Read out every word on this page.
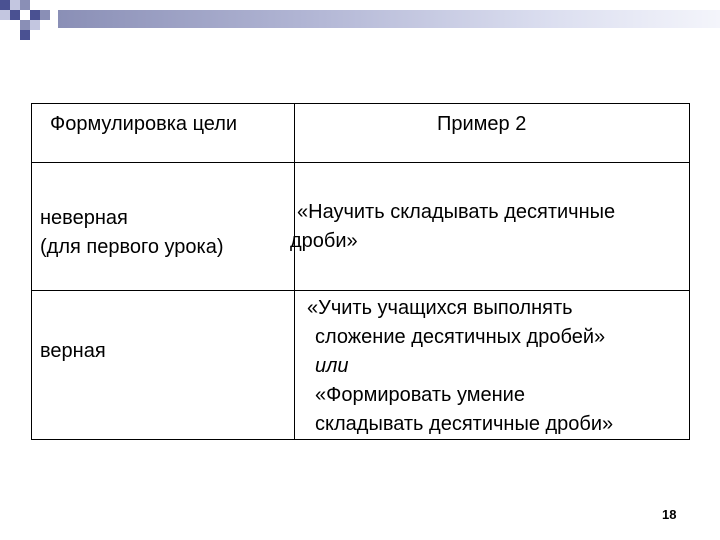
Формулировка цели	Пример 2
неверная
(для первого урока)
«Научить складывать десятичные
дроби»
верная
«Учить учащихся выполнять
сложение десятичных дробей»
или
«Формировать умение
складывать десятичные дроби»
18
